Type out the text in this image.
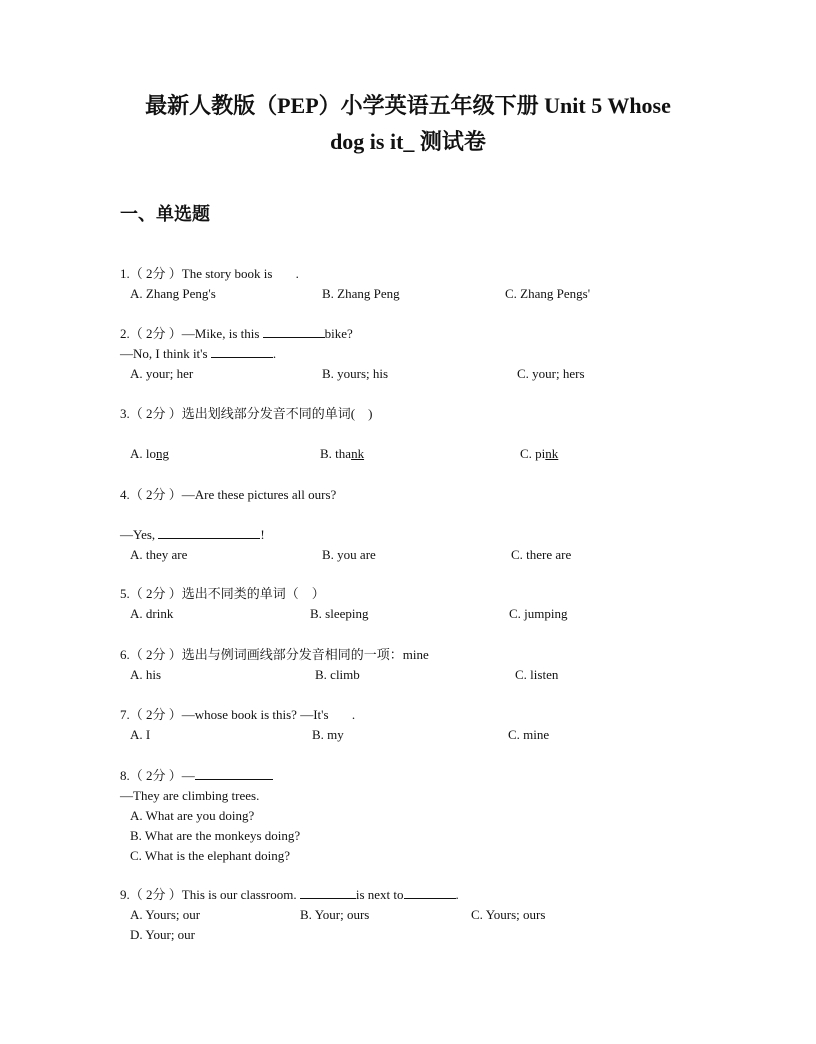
最新人教版（PEP）小学英语五年级下册 Unit 5 Whose
dog is it_ 测试卷
一、单选题
1.（ 2分 ）The story book is .
A. Zhang Peng's	B. Zhang Peng	C. Zhang Pengs'
2.（ 2分 ）—Mike, is this	bike?
—No, I think it's	.
A. your; her	B. yours; his	C. your; hers
3.（ 2分 ）选出划线部分发音不同的单词(　)
A. long	B. thank	C. pink
4.（ 2分 ）—Are these pictures all ours?
—Yes,	!
A. they are	B. you are	C. there are
5.（ 2分 ）选出不同类的单词（　）
A. drink	B. sleeping	C. jumping
6.（ 2分 ）选出与例词画线部分发音相同的一项：mine
A. his	B. climb	C. listen
7.（ 2分 ）—whose book is this? —It's .
A. I	B. my	C. mine
8.（ 2分 ）—
—They are climbing trees.
A. What are you doing?
B. What are the monkeys doing?
C. What is the elephant doing?
9.（ 2分 ）This is our classroom.	is next to	.
A. Yours; our	B. Your; ours	C. Yours; ours
D. Your; our
